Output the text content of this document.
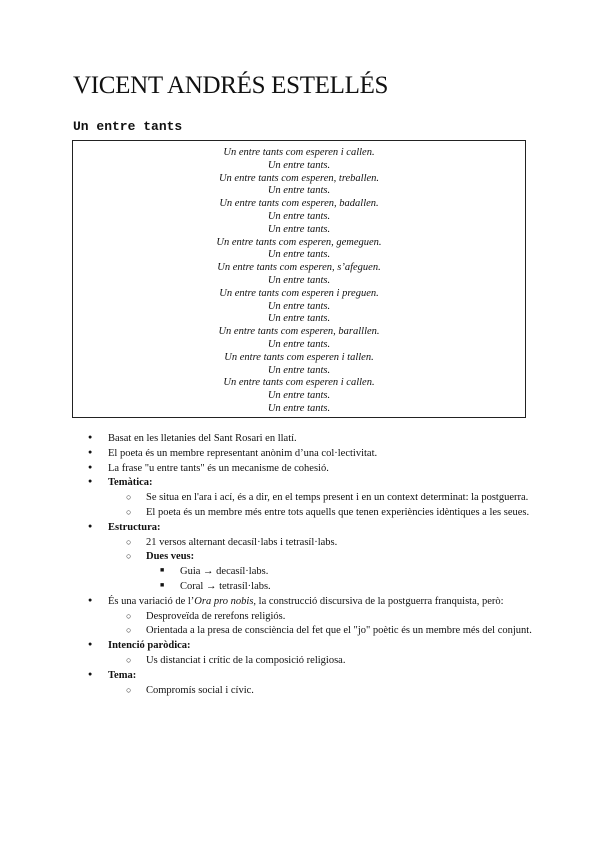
VICENT ANDRÉS ESTELLÉS
Un entre tants
Un entre tants com esperen i callen.
Un entre tants.
Un entre tants com esperen, treballen.
Un entre tants.
Un entre tants com esperen, badallen.
Un entre tants.
Un entre tants.
Un entre tants com esperen, gemeguen.
Un entre tants.
Un entre tants com esperen, s’afeguen.
Un entre tants.
Un entre tants com esperen i preguen.
Un entre tants.
Un entre tants.
Un entre tants com esperen, baralllen.
Un entre tants.
Un entre tants com esperen i tallen.
Un entre tants.
Un entre tants com esperen i callen.
Un entre tants.
Un entre tants.
●
Basat en les lletanies del Sant Rosari en llatí.
●
El poeta és un membre representant anònim d’una col·lectivitat.
●
La frase "u entre tants" és un mecanisme de cohesió.
●
Temàtica:
○
Se situa en l'ara i ací, és a dir, en el temps present i en un context determinat: la postguerra.
○
El poeta és un membre més entre tots aquells que tenen experiències idèntiques a les seues.
●
Estructura:
○
21 versos alternant decasíl·labs i tetrasíl·labs.
○
Dues veus:
■
Guia → decasíl·labs.
■
Coral → tetrasíl·labs.
●
És una variació de l’Ora pro nobis, la construcció discursiva de la postguerra franquista, però:
○
Desproveïda de rerefons religiós.
○
Orientada a la presa de consciència del fet que el "jo" poètic és un membre més del conjunt.
●
Intenció paròdica:
○
Us distanciat i crític de la composició religiosa.
●
Tema:
○
Compromís social i cívic.
